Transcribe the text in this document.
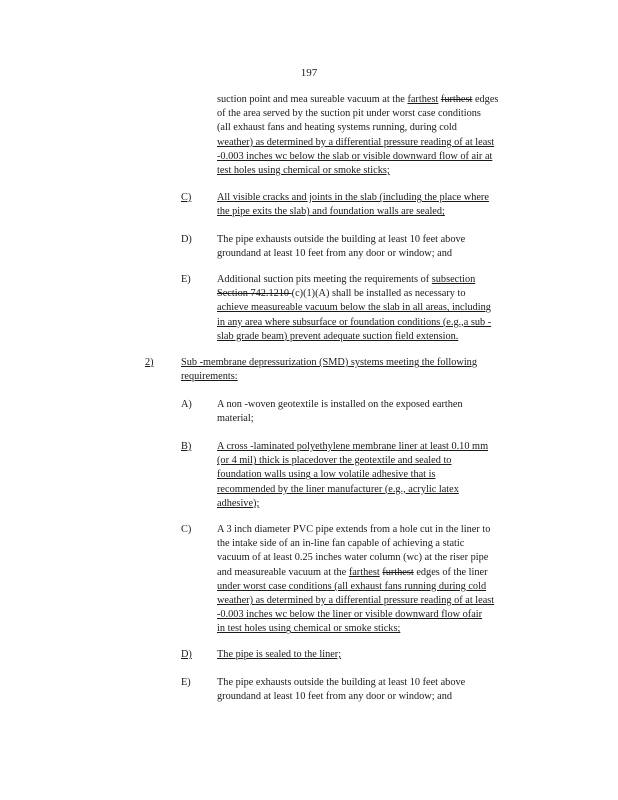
197
suction point and mea sureable vacuum at the farthest furthest edges
of the area served by the suction pit under worst case conditions
(all exhaust fans and heating systems running, during cold
weather) as determined by a differential pressure reading of at least
-0.003 inches wc below the slab or visible downward flow of air at
test holes using chemical or smoke sticks;
C) All visible cracks and joints in the slab (including the place where
the pipe exits the slab) and foundation walls are sealed;
D) The pipe exhausts outside the building at least 10 feet above
groundand at least 10 feet from any door or window; and
E)	Additional suction pits meeting the requirements of subsection
Section 742.1210 (c)(1)(A) shall be installed as necessary to
achieve measureable vacuum below the slab in all areas, including
in any area where subsurface or foundation conditions (e.g.,a sub -
slab grade beam) prevent adequate suction field extension.
2)	Sub -membrane depressurization (SMD) systems meeting the following
requirements:
A) A non -woven geotextile is installed on the exposed earthen
material;
B) A cross -laminated polyethylene membrane liner at least 0.10 mm
(or 4 mil) thick is placedover the geotextile and sealed to
foundation walls using a low volatile adhesive that is
recommended by the liner manufacturer (e.g., acrylic latex
adhesive);
C) A 3 inch diameter PVC pipe extends from a hole cut in the liner to
the intake side of an in-line fan capable of achieving a static
vacuum of at least 0.25 inches water column (wc) at the riser pipe
and measureable vacuum at the farthest furthest edges of the liner
under worst case conditions (all exhaust fans running during cold
weather) as determined by a differential pressure reading of at least
-0.003 inches wc below the liner or visible downward flow ofair
in test holes using chemical or smoke sticks;
D) The pipe is sealed to the liner;
E)	The pipe exhausts outside the building at least 10 feet above
groundand at least 10 feet from any door or window; and
